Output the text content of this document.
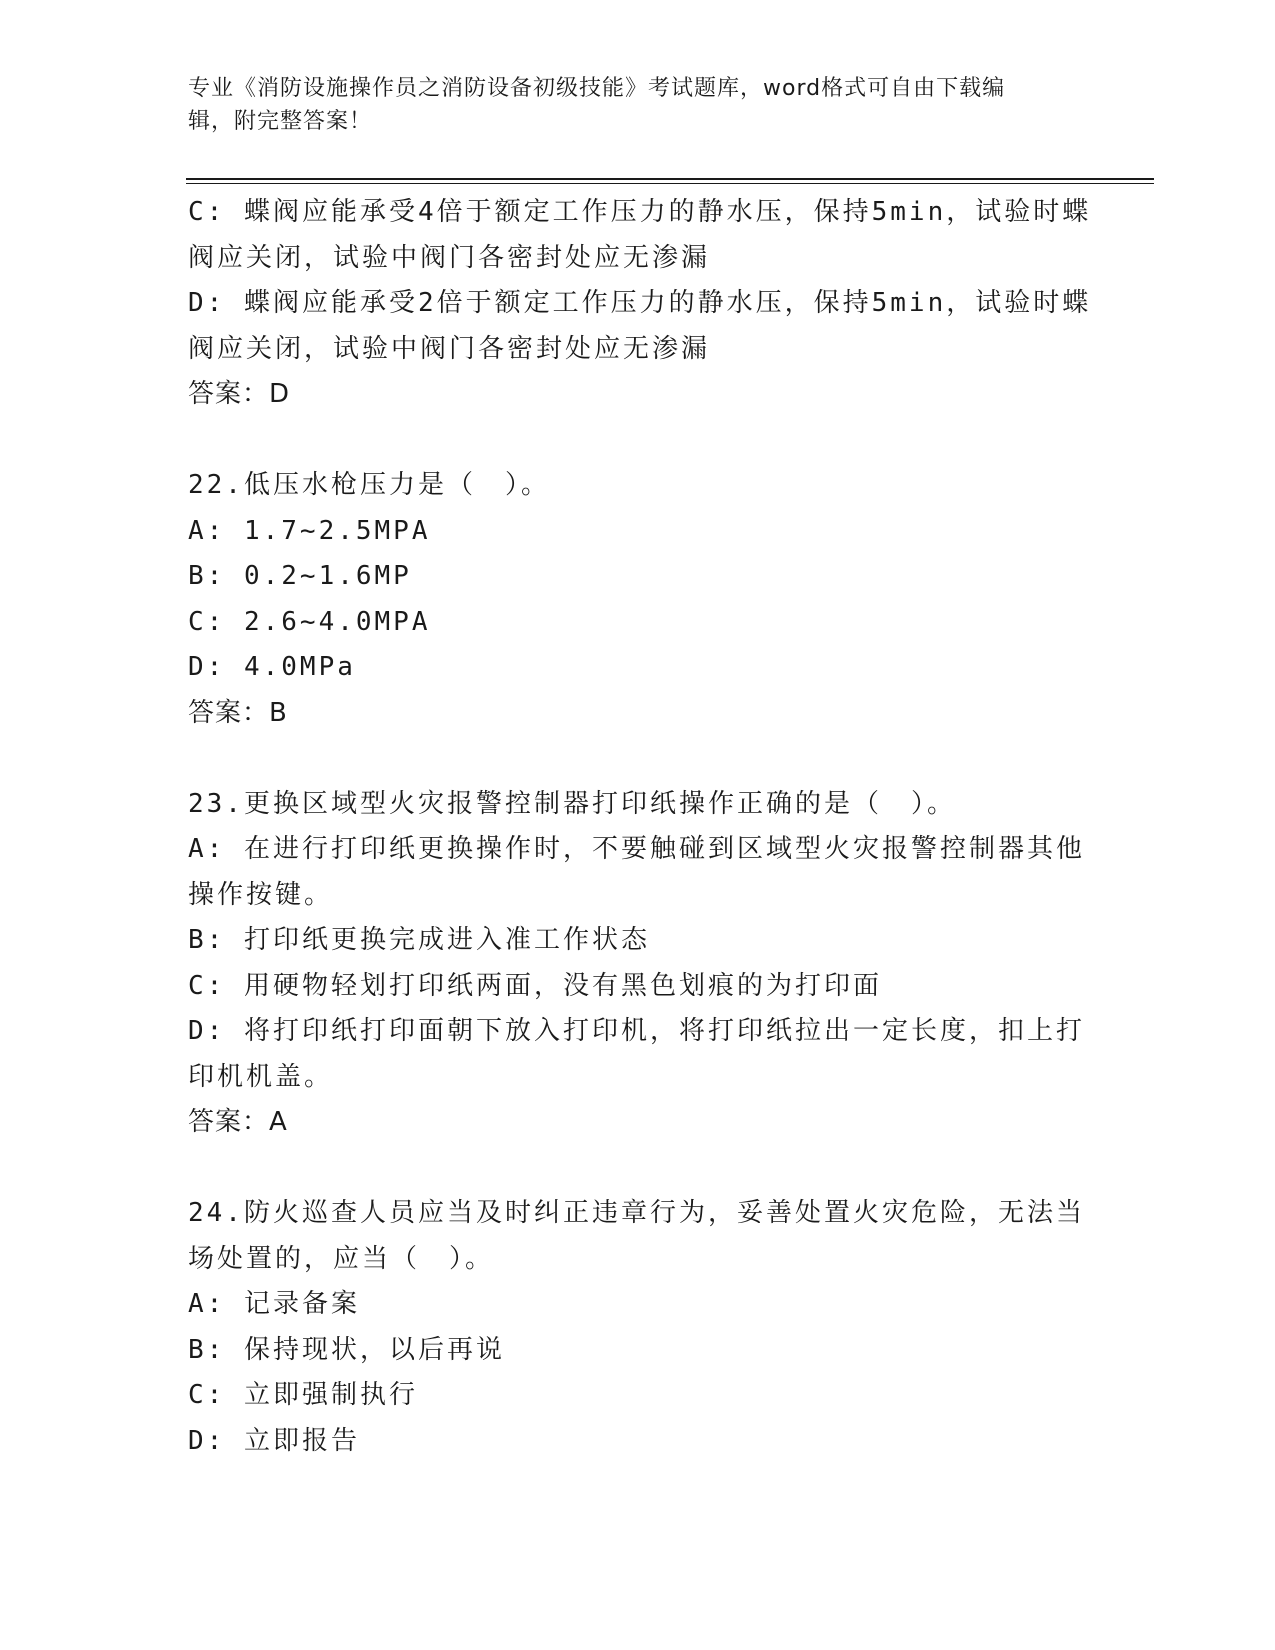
专业《消防设施操作员之消防设备初级技能》考试题库，word格式可自由下载编
辑，附完整答案！

C: 蝶阀应能承受4倍于额定工作压力的静水压，保持5min，试验时蝶

阀应关闭，试验中阀门各密封处应无渗漏

D: 蝶阀应能承受2倍于额定工作压力的静水压，保持5min，试验时蝶

阀应关闭，试验中阀门各密封处应无渗漏

答案：D

22.低压水枪压力是（　）。

A: 1.7~2.5MPA

B: 0.2~1.6MP

C: 2.6~4.0MPA

D: 4.0MPa

答案：B

23.更换区域型火灾报警控制器打印纸操作正确的是（　）。

A: 在进行打印纸更换操作时，不要触碰到区域型火灾报警控制器其他

操作按键。

B: 打印纸更换完成进入准工作状态

C: 用硬物轻划打印纸两面，没有黑色划痕的为打印面

D: 将打印纸打印面朝下放入打印机，将打印纸拉出一定长度，扣上打

印机机盖。

答案：A

24.防火巡查人员应当及时纠正违章行为，妥善处置火灾危险，无法当

场处置的，应当（　）。

A: 记录备案

B: 保持现状，以后再说

C: 立即强制执行

D: 立即报告
